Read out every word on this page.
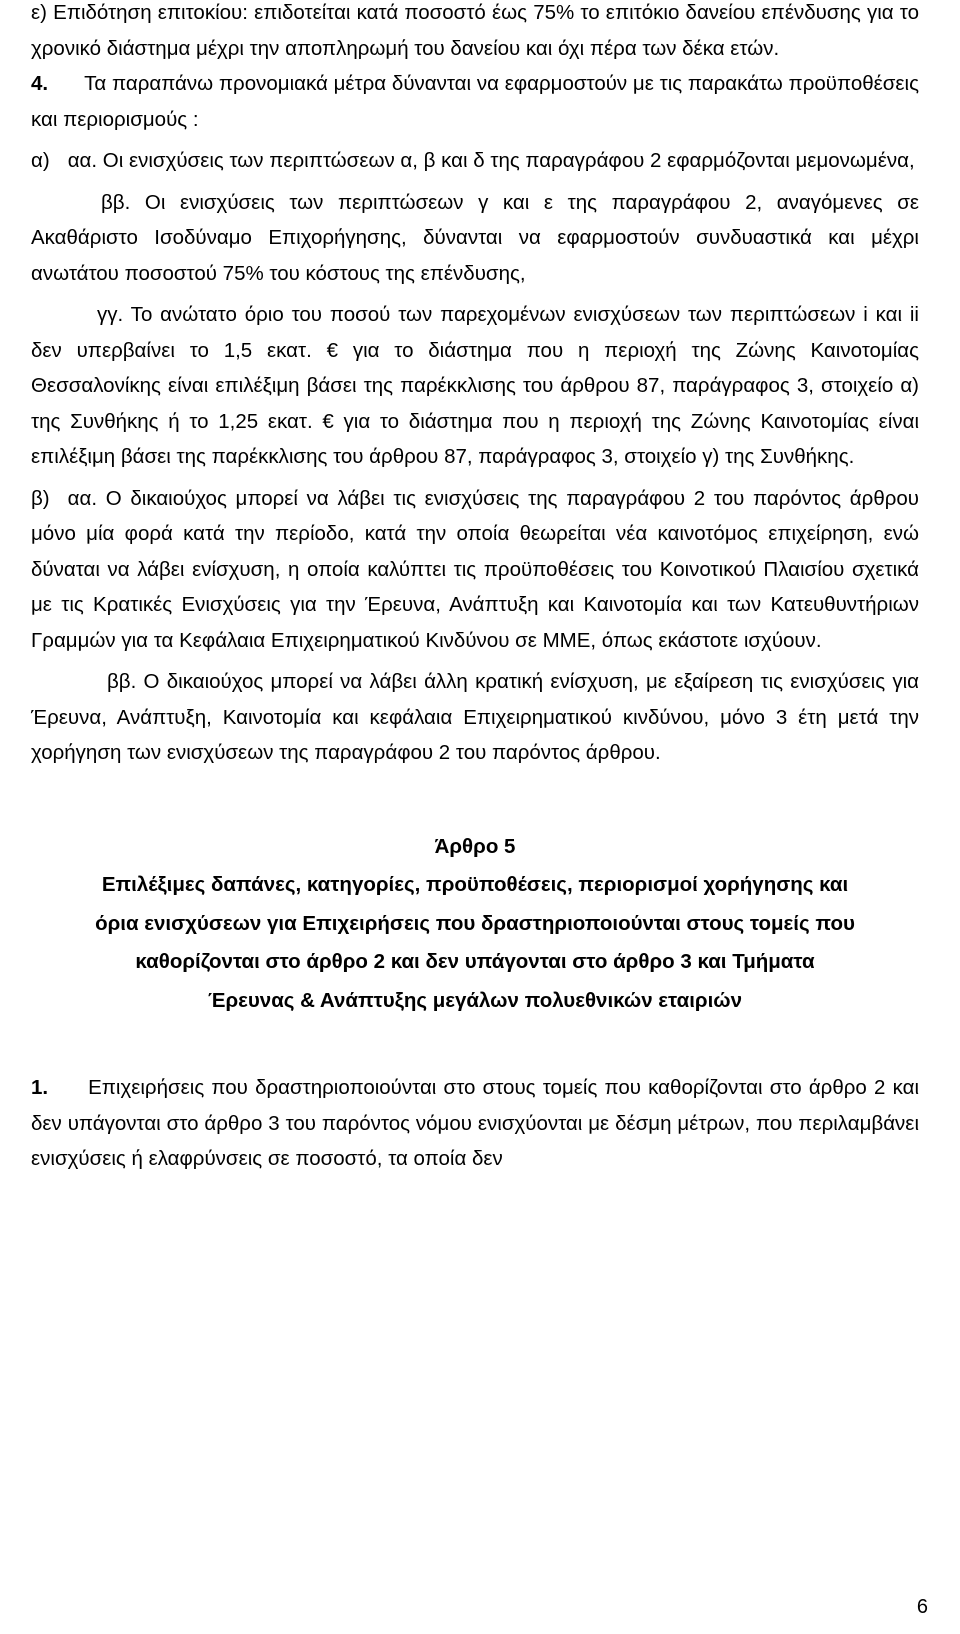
ε) Επιδότηση επιτοκίου: επιδοτείται κατά ποσοστό έως 75% το επιτόκιο δανείου επένδυσης για το χρονικό διάστημα μέχρι την αποπληρωμή του δανείου και όχι πέρα των δέκα ετών.

4. Τα παραπάνω προνομιακά μέτρα δύνανται να εφαρμοστούν με τις παρακάτω προϋποθέσεις και περιορισμούς :

α) αα. Οι ενισχύσεις των περιπτώσεων α, β και δ της παραγράφου 2 εφαρμόζονται μεμονωμένα,

ββ. Οι ενισχύσεις των περιπτώσεων γ και ε της παραγράφου 2, αναγόμενες σε Ακαθάριστο Ισοδύναμο Επιχορήγησης, δύνανται να εφαρμοστούν συνδυαστικά και μέχρι ανωτάτου ποσοστού 75% του κόστους της επένδυσης,

γγ. Το ανώτατο όριο του ποσού των παρεχομένων ενισχύσεων των περιπτώσεων i και ii δεν υπερβαίνει το 1,5 εκατ. € για το διάστημα που η περιοχή της Ζώνης Καινοτομίας Θεσσαλονίκης είναι επιλέξιμη βάσει της παρέκκλισης του άρθρου 87, παράγραφος 3, στοιχείο α) της Συνθήκης ή το 1,25 εκατ. € για το διάστημα που η περιοχή της Ζώνης Καινοτομίας είναι επιλέξιμη βάσει της παρέκκλισης του άρθρου 87, παράγραφος 3, στοιχείο γ) της Συνθήκης.

β) αα. Ο δικαιούχος μπορεί να λάβει τις ενισχύσεις της παραγράφου 2 του παρόντος άρθρου μόνο μία φορά κατά την περίοδο, κατά την οποία θεωρείται νέα καινοτόμος επιχείρηση, ενώ δύναται να λάβει ενίσχυση, η οποία καλύπτει τις προϋποθέσεις του Κοινοτικού Πλαισίου σχετικά με τις Κρατικές Ενισχύσεις για την Έρευνα, Ανάπτυξη και Καινοτομία και των Κατευθυντήριων Γραμμών για τα Κεφάλαια Επιχειρηματικού Κινδύνου σε ΜΜΕ, όπως εκάστοτε ισχύουν.

ββ. Ο δικαιούχος μπορεί να λάβει άλλη κρατική ενίσχυση, με εξαίρεση τις ενισχύσεις για Έρευνα, Ανάπτυξη, Καινοτομία και κεφάλαια Επιχειρηματικού κινδύνου, μόνο 3 έτη μετά την χορήγηση των ενισχύσεων της παραγράφου 2 του παρόντος άρθρου.

Άρθρο 5

Επιλέξιμες δαπάνες, κατηγορίες, προϋποθέσεις, περιορισμοί χορήγησης και

όρια ενισχύσεων για Επιχειρήσεις που δραστηριοποιούνται στους τομείς που

καθορίζονται στο άρθρο 2 και δεν υπάγονται στο άρθρο 3 και Τμήματα

Έρευνας & Ανάπτυξης μεγάλων πολυεθνικών εταιριών

1. Επιχειρήσεις που δραστηριοποιούνται στο στους τομείς που καθορίζονται στο άρθρο 2 και δεν υπάγονται στο άρθρο 3 του παρόντος νόμου ενισχύονται με δέσμη μέτρων, που περιλαμβάνει ενισχύσεις ή ελαφρύνσεις σε ποσοστό, τα οποία δεν

6
